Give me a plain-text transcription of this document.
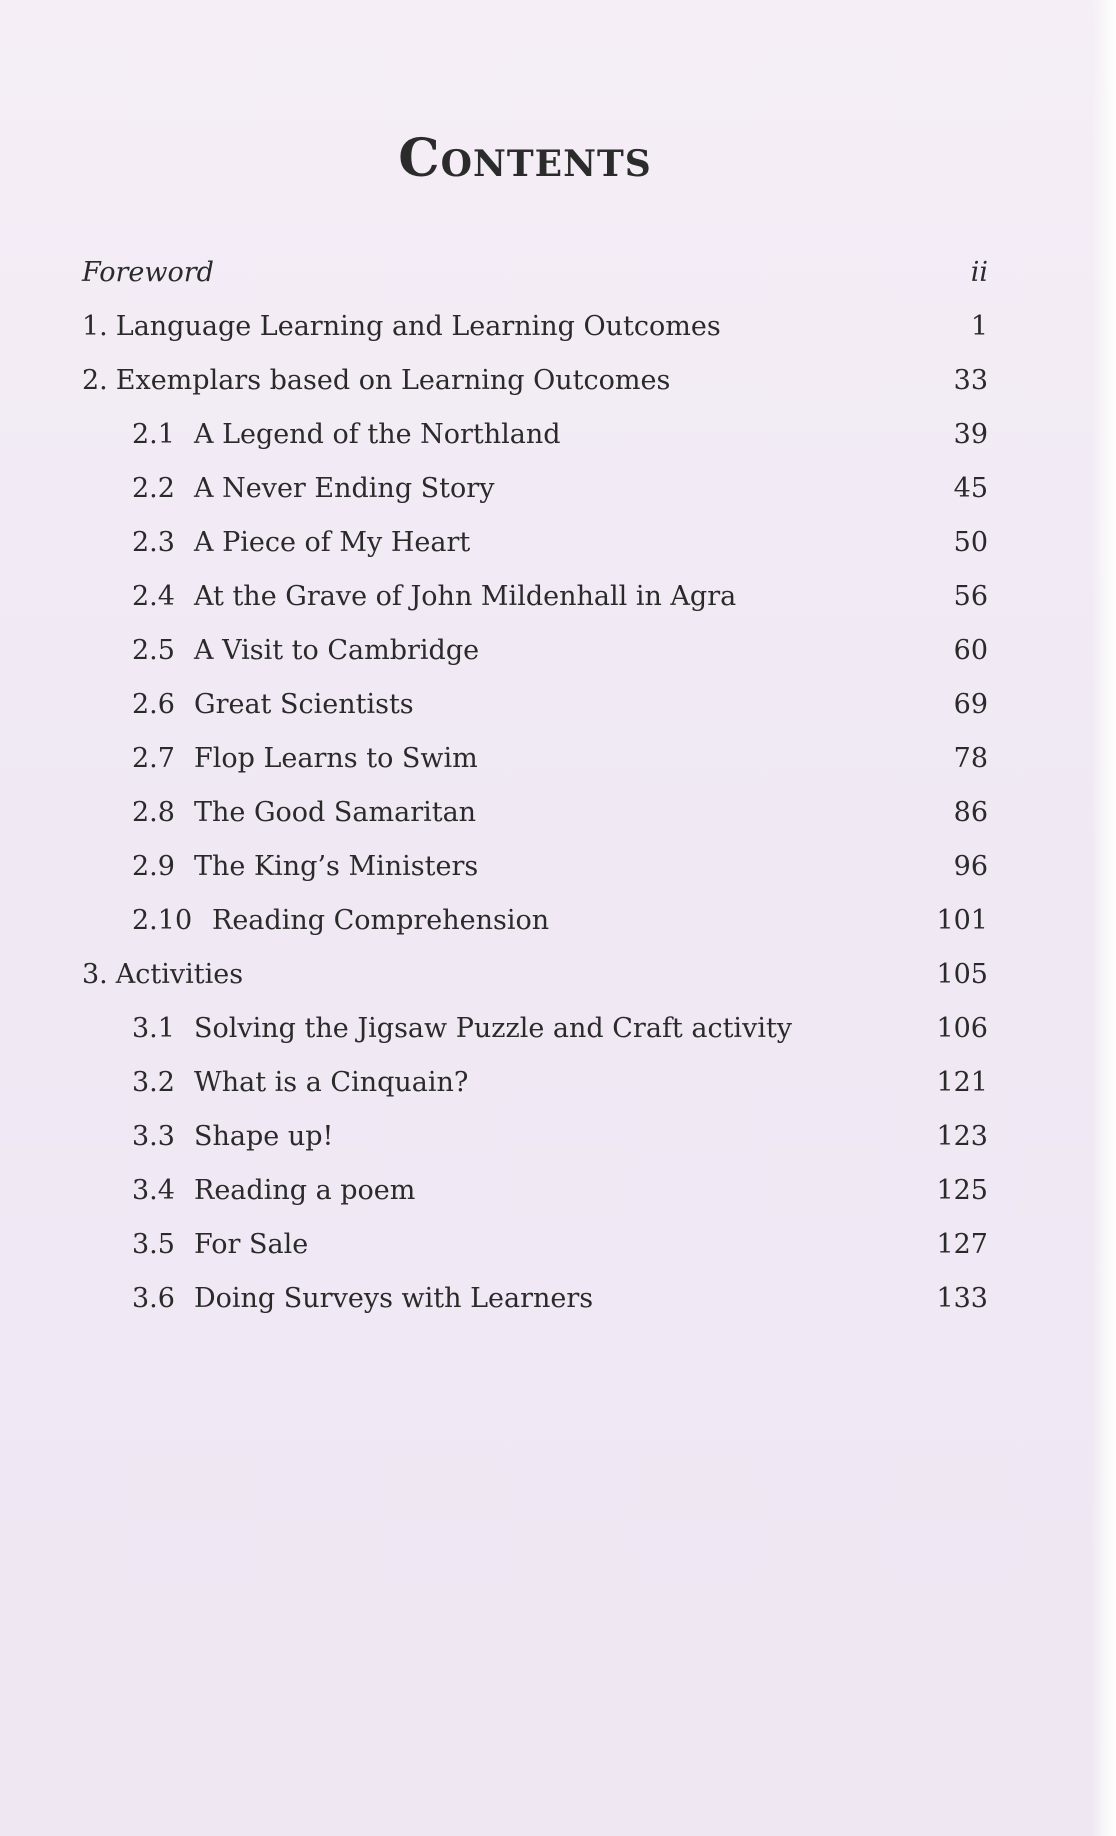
Contents
Foreword	ii
1. Language Learning and Learning Outcomes	1
2. Exemplars based on Learning Outcomes	33
2.1 A Legend of the Northland	39
2.2 A Never Ending Story	45
2.3 A Piece of My Heart	50
2.4 At the Grave of John Mildenhall in Agra	56
2.5 A Visit to Cambridge	60
2.6 Great Scientists	69
2.7 Flop Learns to Swim	78
2.8 The Good Samaritan	86
2.9 The King’s Ministers	96
2.10 Reading Comprehension	101
3. Activities	105
3.1 Solving the Jigsaw Puzzle and Craft activity	106
3.2 What is a Cinquain?	121
3.3 Shape up!	123
3.4 Reading a poem	125
3.5 For Sale	127
3.6 Doing Surveys with Learners	133
